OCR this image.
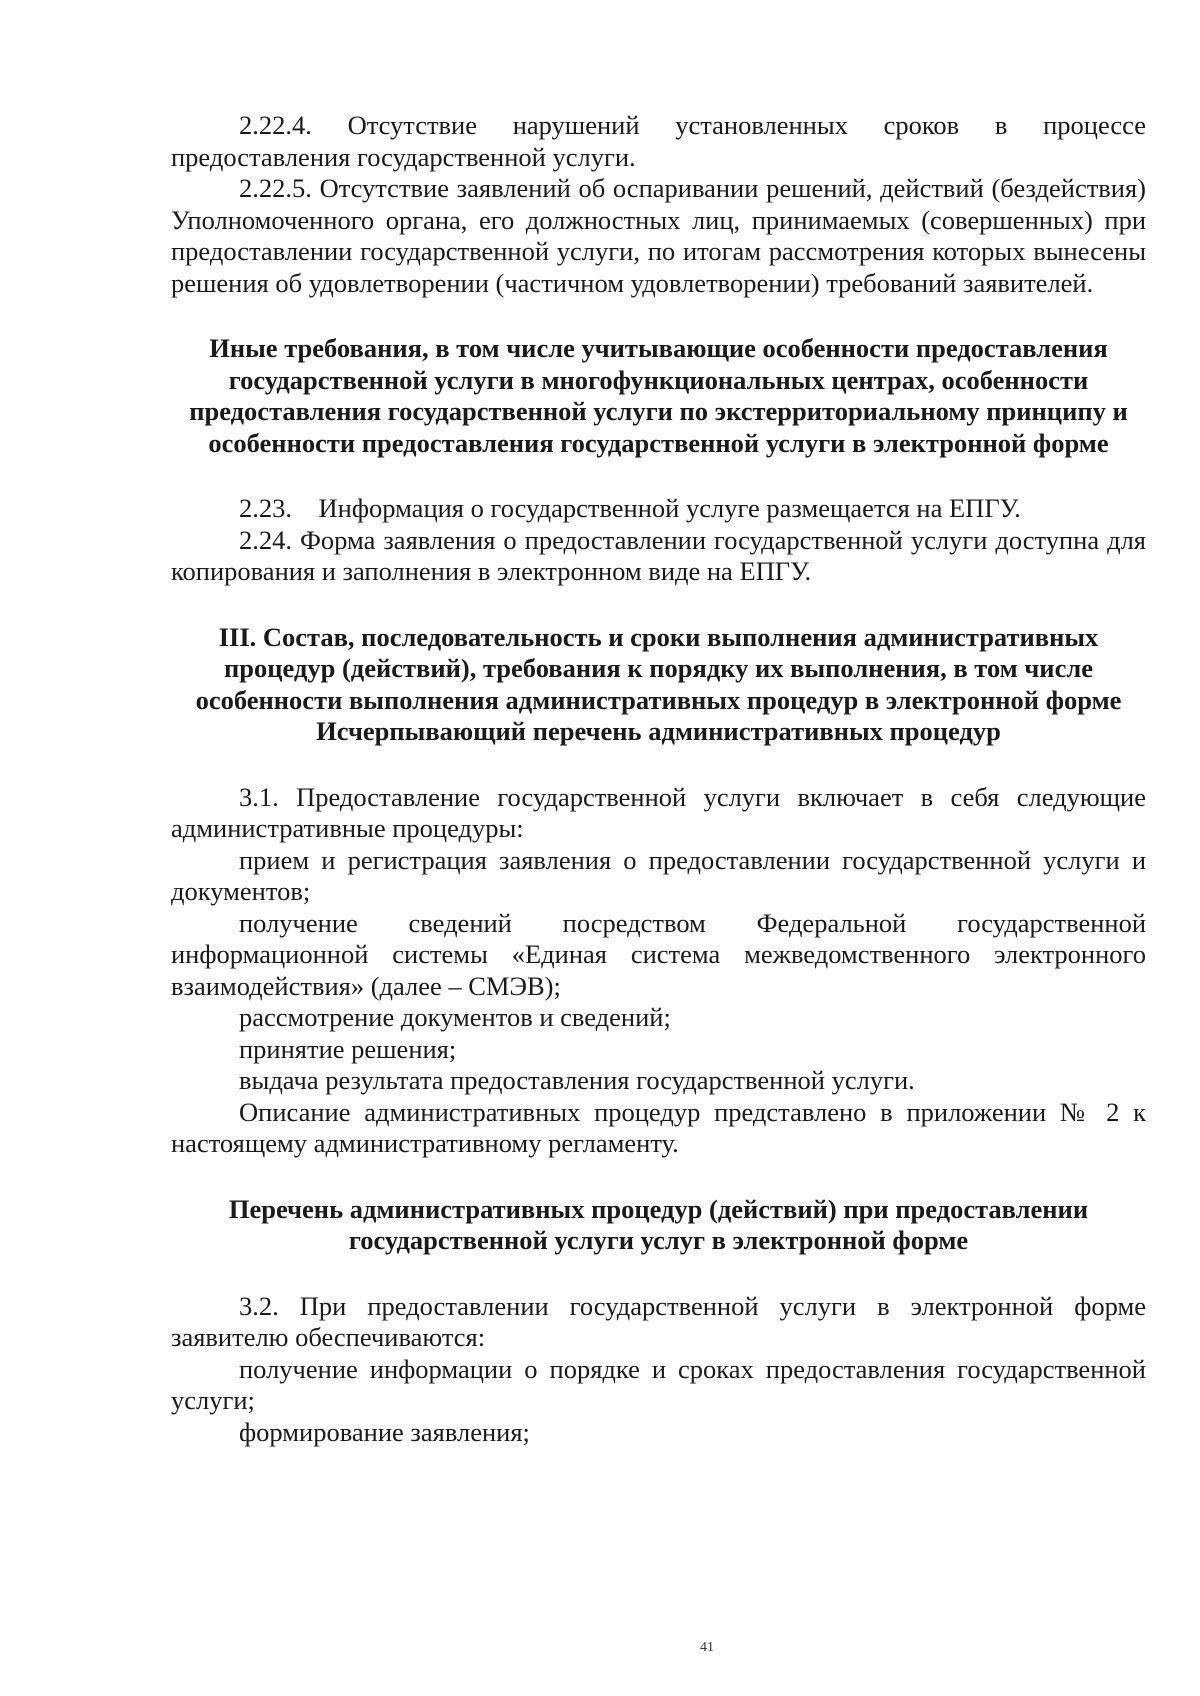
2.22.4. Отсутствие нарушений установленных сроков в процессе предоставления государственной услуги.

2.22.5. Отсутствие заявлений об оспаривании решений, действий (бездействия) Уполномоченного органа, его должностных лиц, принимаемых (совершенных) при предоставлении государственной услуги, по итогам рассмотрения которых вынесены решения об удовлетворении (частичном удовлетворении) требований заявителей.

Иные требования, в том числе учитывающие особенности предоставления государственной услуги в многофункциональных центрах, особенности предоставления государственной услуги по экстерриториальному принципу и особенности предоставления государственной услуги в электронной форме

2.23.    Информация о государственной услуге размещается на ЕПГУ.

2.24. Форма заявления о предоставлении государственной услуги доступна для копирования и заполнения в электронном виде на ЕПГУ.

III. Состав, последовательность и сроки выполнения административных процедур (действий), требования к порядку их выполнения, в том числе особенности выполнения административных процедур в электронной форме

Исчерпывающий перечень административных процедур

3.1. Предоставление государственной услуги включает в себя следующие административные процедуры:

прием и регистрация заявления о предоставлении государственной услуги и документов;

получение сведений посредством Федеральной государственной информационной системы «Единая система межведомственного электронного взаимодействия» (далее – СМЭВ);

рассмотрение документов и сведений;

принятие решения;

выдача результата предоставления государственной услуги.

Описание административных процедур представлено в приложении № 2 к настоящему административному регламенту.

Перечень административных процедур (действий) при предоставлении государственной услуги услуг в электронной форме

3.2. При предоставлении государственной услуги в электронной форме заявителю обеспечиваются:

получение информации о порядке и сроках предоставления государственной услуги;

формирование заявления;

41
